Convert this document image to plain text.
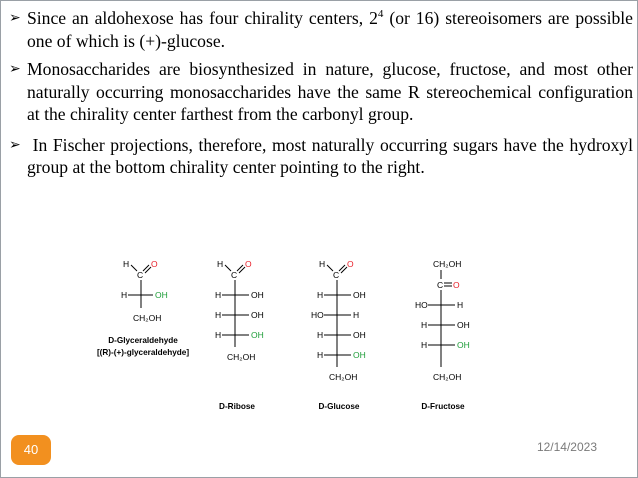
➢ Since an aldohexose has four chirality centers, $2^4$ (or 16) stereoisomers are possible one of which is (+)-glucose.
➢ Monosaccharides are biosynthesized in nature, glucose, fructose, and most other naturally occurring monosaccharides have the same R stereochemical configuration at the chirality center farthest from the carbonyl group.
➢ In Fischer projections, therefore, most naturally occurring sugars have the hydroxyl group at the bottom chirality center pointing to the right.
H
C
O
H	OH
CH₂OH
D-Glyceraldehyde
[(R)-(+)-glyceraldehyde]
H
C
O
H	OH
H	OH
H	OH
CH₂OH
D-Ribose
H
C
O
H	OH
HO	H
H	OH
H	OH
CH₂OH
D-Glucose
CH₂OH
C O
HO	H
H	OH
H	OH
CH₂OH
D-Fructose
40	12/14/2023
